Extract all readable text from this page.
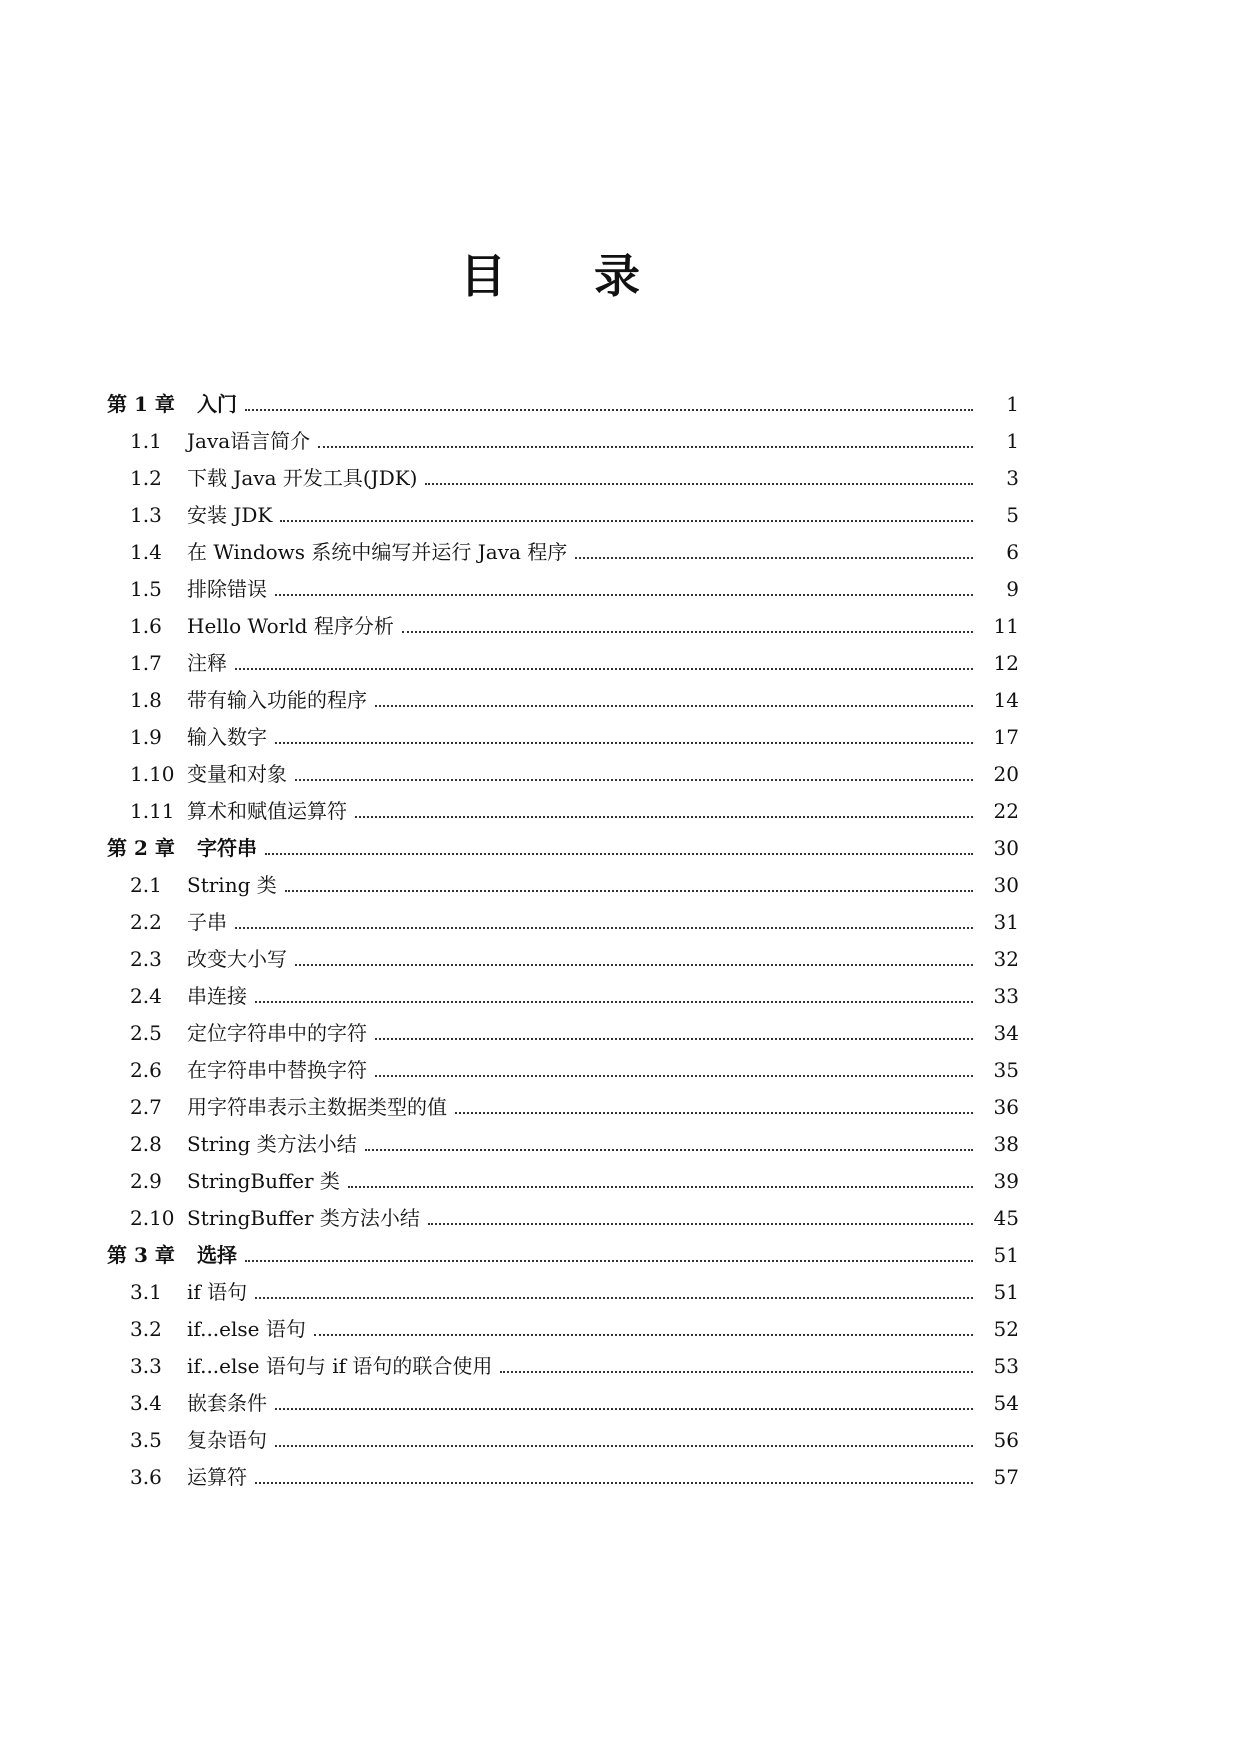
目 录
第 1 章	入门	1
1.1	Java语言简介	1
1.2	下载 Java 开发工具(JDK)	3
1.3	安装 JDK	5
1.4	在 Windows 系统中编写并运行 Java 程序	6
1.5	排除错误	9
1.6	Hello World 程序分析	11
1.7	注释	12
1.8	带有输入功能的程序	14
1.9	输入数字	17
1.10 变量和对象	20
1.11 算术和赋值运算符	22
第 2 章	字符串	30
2.1	String 类	30
2.2	子串	31
2.3	改变大小写	32
2.4	串连接	33
2.5	定位字符串中的字符	34
2.6	在字符串中替换字符	35
2.7	用字符串表示主数据类型的值	36
2.8	String 类方法小结	38
2.9	StringBuffer 类	39
2.10 StringBuffer 类方法小结	45
第 3 章	选择	51
3.1	if 语句	51
3.2	if...else 语句	52
3.3	if...else 语句与 if 语句的联合使用	53
3.4	嵌套条件	54
3.5	复杂语句	56
3.6	运算符	57
